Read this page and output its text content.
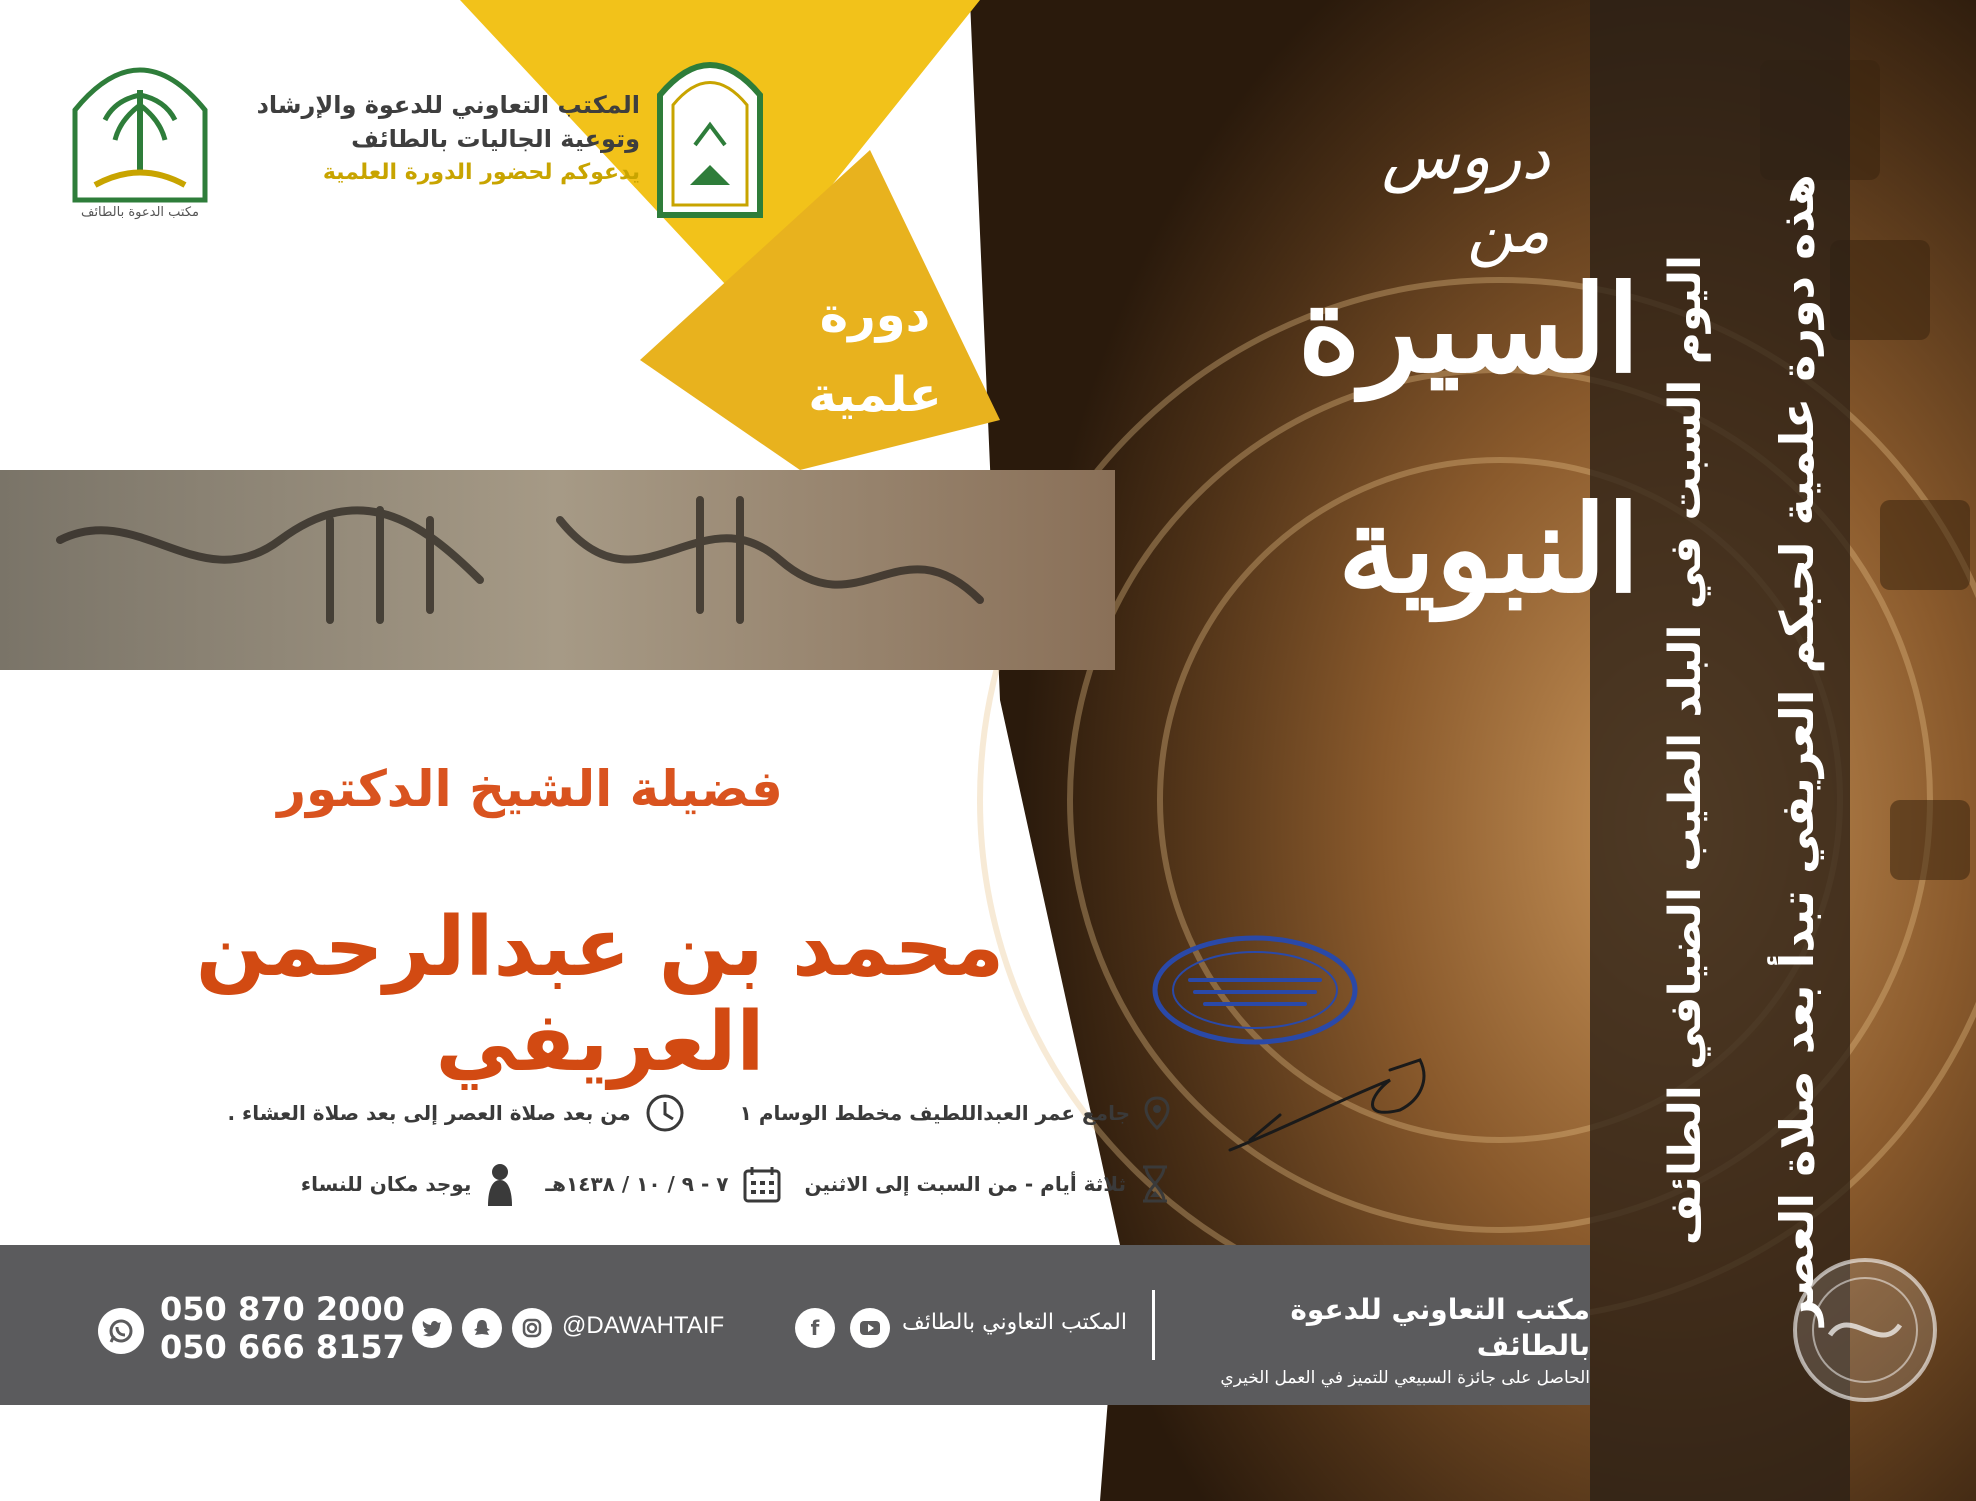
مكتب الدعوة بالطائف
المكتب التعاوني للدعوة والإرشاد
وتوعية الجاليات بالطائف
يدعوكم لحضور الدورة العلمية
دورة
علمية
دروس من
السيرة النبوية	هذه دورة علمية لحبكم العريفي تبدأ بعد صلاة العصر
اليوم السبت في البلد الطيب الضيافي الطائف
فضيلة الشيخ الدكتور
محمد بن عبدالرحمن العريفي
جامع عمر العبداللطيف مخطط الوسام ١
من بعد صلاة العصر إلى بعد صلاة العشاء .
ثلاثة أيام - من السبت إلى الاثنين
٧ - ٩ / ١٠ / ١٤٣٨هـ
يوجد مكان للنساء
مكتب التعاوني للدعوة بالطائف
الحاصل على جائزة السبيعي للتميز في العمل الخيري
المكتب التعاوني بالطائف
f
@DAWAHTAIF
050 870 2000
050 666 8157
